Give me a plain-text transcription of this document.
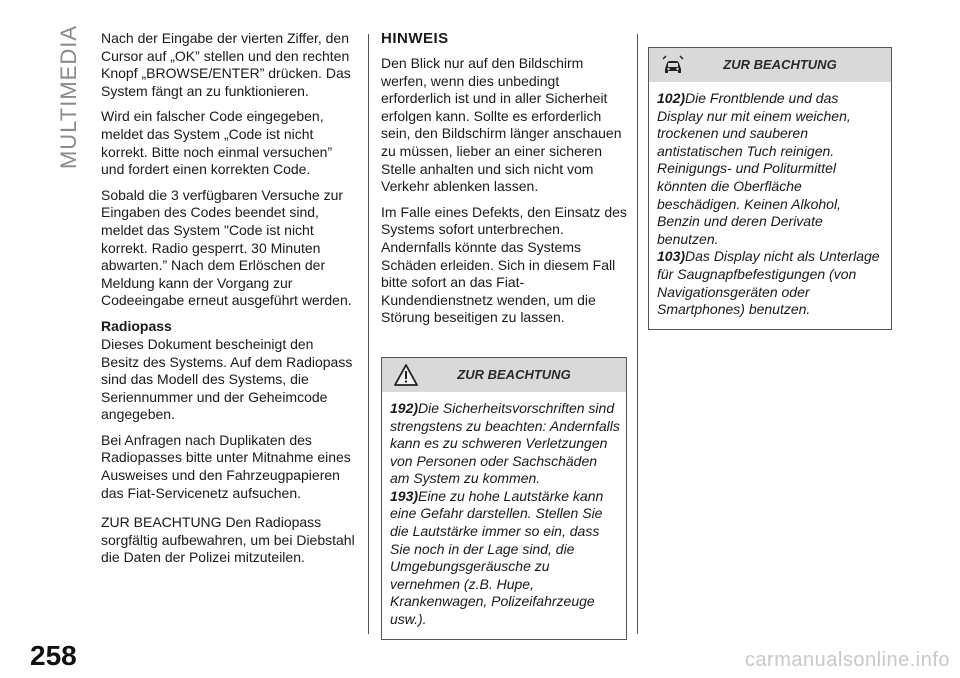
MULTIMEDIA
258

Nach der Eingabe der vierten Ziffer, den Cursor auf „OK” stellen und den rechten Knopf „BROWSE/ENTER” drücken. Das System fängt an zu funktionieren.

Wird ein falscher Code eingegeben, meldet das System „Code ist nicht korrekt. Bitte noch einmal versuchen” und fordert einen korrekten Code.

Sobald die 3 verfügbaren Versuche zur Eingaben des Codes beendet sind, meldet das System "Code ist nicht korrekt. Radio gesperrt. 30 Minuten abwarten.” Nach dem Erlöschen der Meldung kann der Vorgang zur Codeeingabe erneut ausgeführt werden.

Radiopass

Dieses Dokument bescheinigt den Besitz des Systems. Auf dem Radiopass sind das Modell des Systems, die Seriennummer und der Geheimcode angegeben.

Bei Anfragen nach Duplikaten des Radiopasses bitte unter Mitnahme eines Ausweises und den Fahrzeugpapieren das Fiat-Servicenetz aufsuchen.

ZUR BEACHTUNG Den Radiopass sorgfältig aufbewahren, um bei Diebstahl die Daten der Polizei mitzuteilen.

HINWEIS

Den Blick nur auf den Bildschirm werfen, wenn dies unbedingt erforderlich ist und in aller Sicherheit erfolgen kann. Sollte es erforderlich sein, den Bildschirm länger anschauen zu müssen, lieber an einer sicheren Stelle anhalten und sich nicht vom Verkehr ablenken lassen.

Im Falle eines Defekts, den Einsatz des Systems sofort unterbrechen. Andernfalls könnte das Systems Schäden erleiden. Sich in diesem Fall bitte sofort an das Fiat-Kundendienstnetz wenden, um die Störung beseitigen zu lassen.

ZUR BEACHTUNG

192)Die Sicherheitsvorschriften sind strengstens zu beachten: Andernfalls kann es zu schweren Verletzungen von Personen oder Sachschäden am System zu kommen.

193)Eine zu hohe Lautstärke kann eine Gefahr darstellen. Stellen Sie die Lautstärke immer so ein, dass Sie noch in der Lage sind, die Umgebungsgeräusche zu vernehmen (z.B. Hupe, Krankenwagen, Polizeifahrzeuge usw.).

ZUR BEACHTUNG

102)Die Frontblende und das Display nur mit einem weichen, trockenen und sauberen antistatischen Tuch reinigen. Reinigungs- und Politurmittel könnten die Oberfläche beschädigen. Keinen Alkohol, Benzin und deren Derivate benutzen.

103)Das Display nicht als Unterlage für Saugnapfbefestigungen (von Navigationsgeräten oder Smartphones) benutzen.

carmanualsonline.info
